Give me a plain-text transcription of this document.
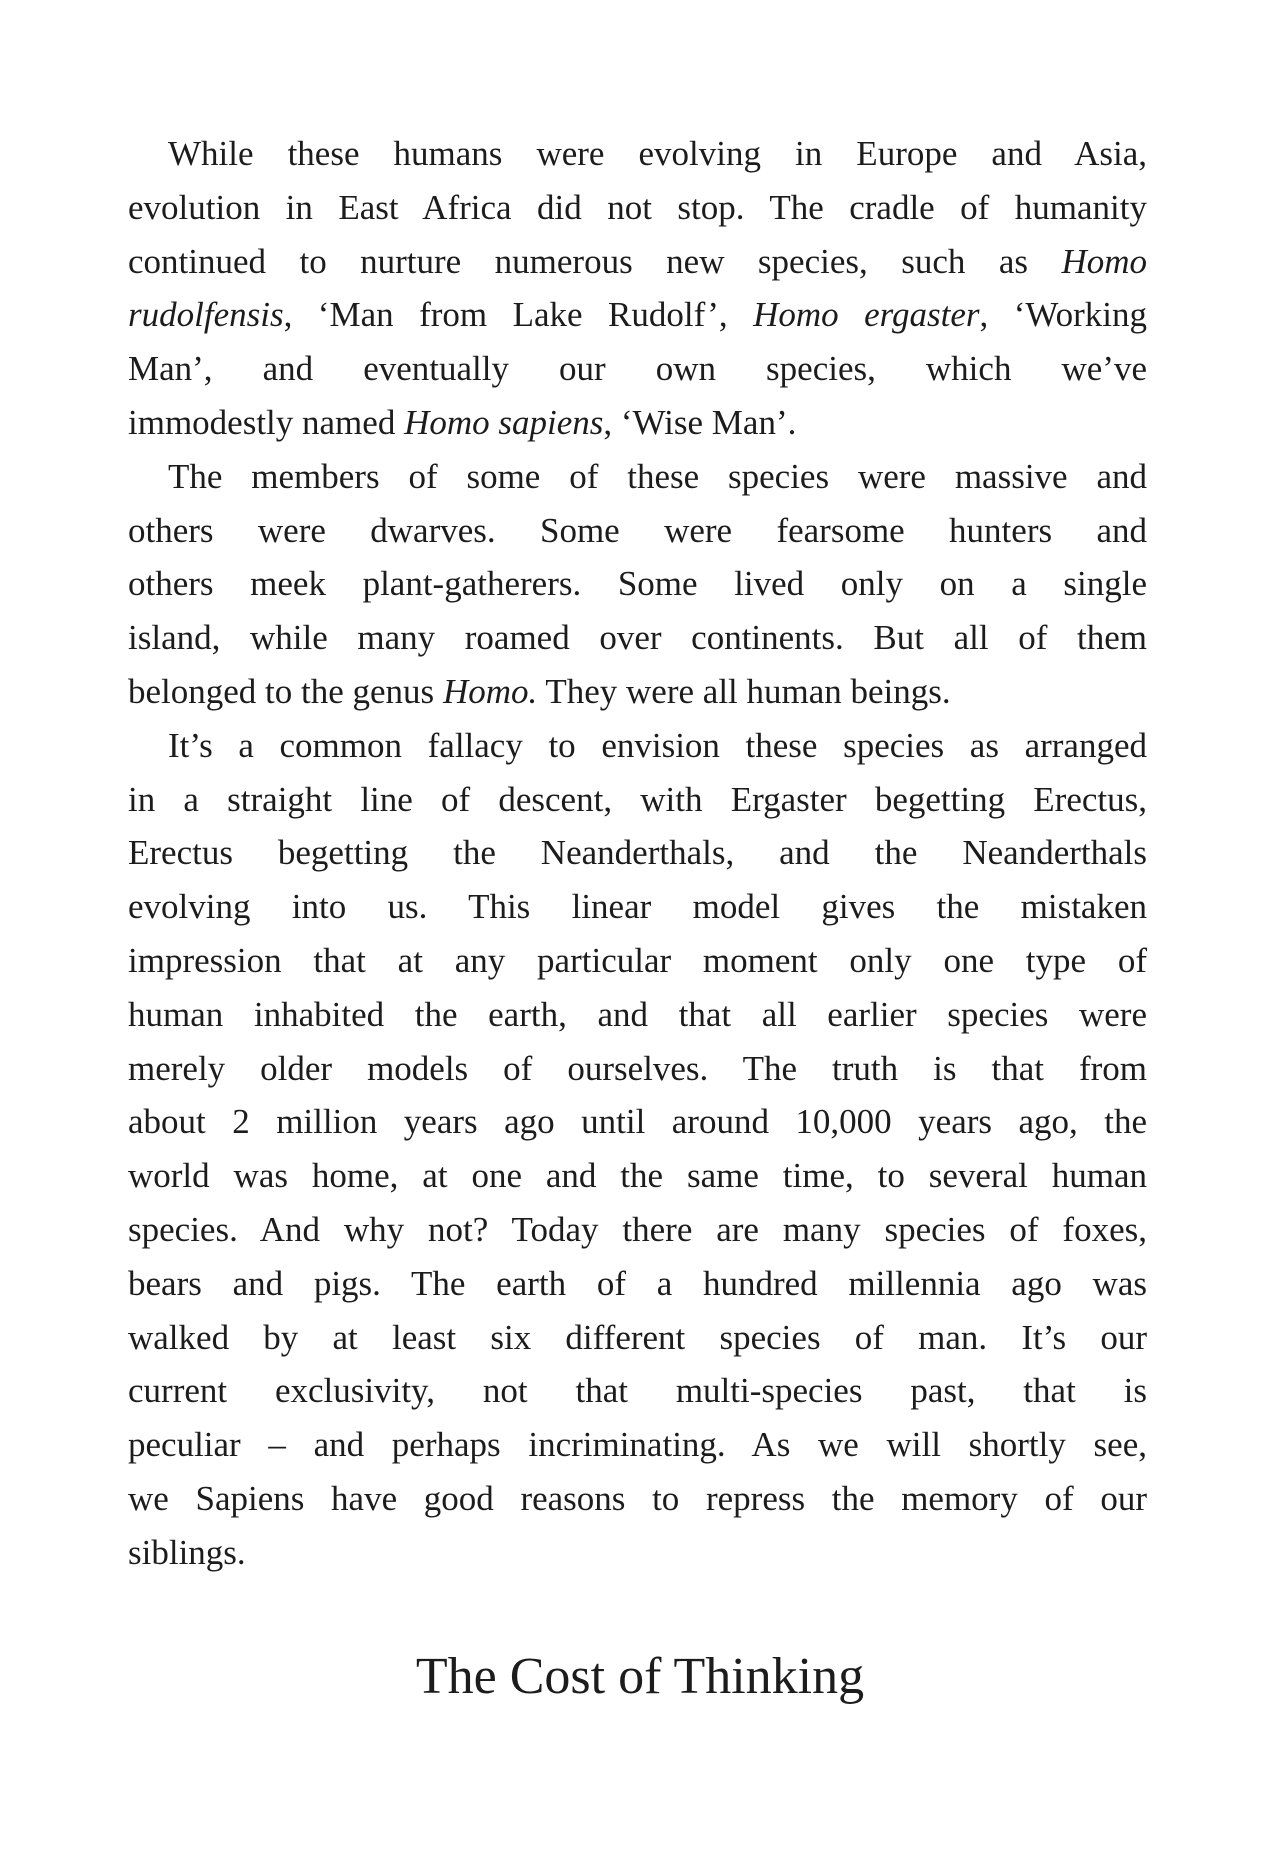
While these humans were evolving in Europe and Asia,
evolution in East Africa did not stop. The cradle of humanity
continued to nurture numerous new species, such as Homo
rudolfensis, ‘Man from Lake Rudolf’, Homo ergaster, ‘Working
Man’, and eventually our own species, which we’ve
immodestly named Homo sapiens, ‘Wise Man’.
The members of some of these species were massive and
others were dwarves. Some were fearsome hunters and
others meek plant-gatherers. Some lived only on a single
island, while many roamed over continents. But all of them
belonged to the genus Homo. They were all human beings.
It’s a common fallacy to envision these species as arranged
in a straight line of descent, with Ergaster begetting Erectus,
Erectus begetting the Neanderthals, and the Neanderthals
evolving into us. This linear model gives the mistaken
impression that at any particular moment only one type of
human inhabited the earth, and that all earlier species were
merely older models of ourselves. The truth is that from
about 2 million years ago until around 10,000 years ago, the
world was home, at one and the same time, to several human
species. And why not? Today there are many species of foxes,
bears and pigs. The earth of a hundred millennia ago was
walked by at least six different species of man. It’s our
current exclusivity, not that multi-species past, that is
peculiar – and perhaps incriminating. As we will shortly see,
we Sapiens have good reasons to repress the memory of our
siblings.
The Cost of Thinking
